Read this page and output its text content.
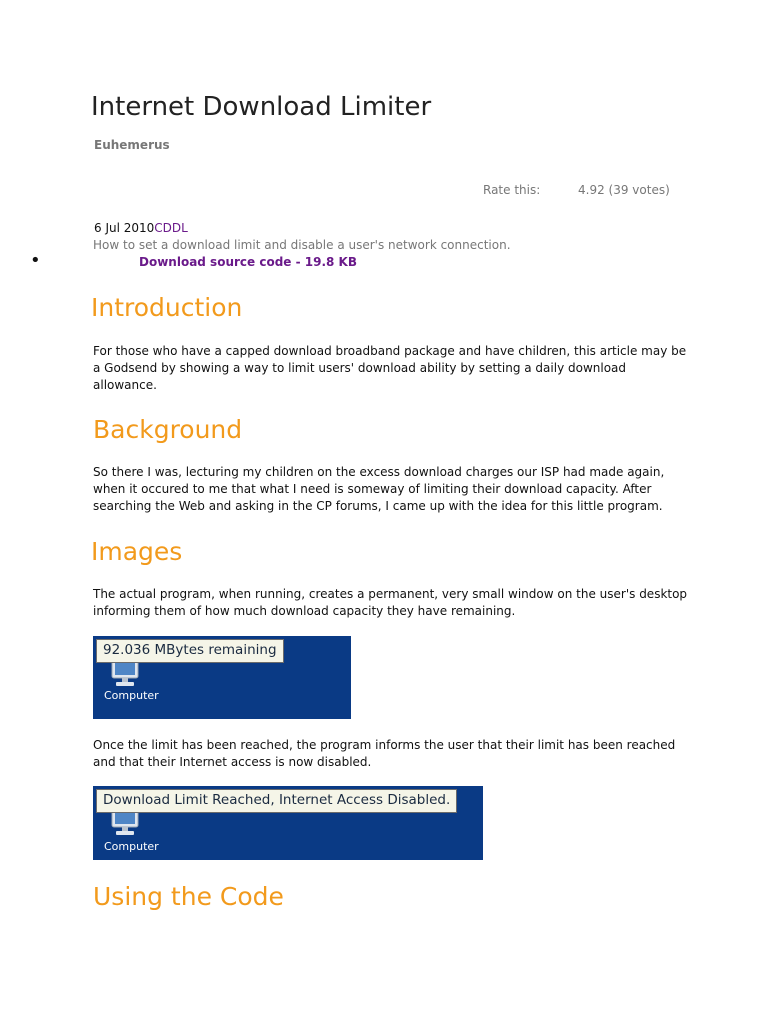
Internet Download Limiter
Euhemerus
Rate this:	4.92 (39 votes)
6 Jul 2010CDDL
How to set a download limit and disable a user's network connection.
•	Download source code - 19.8 KB
Introduction
For those who have a capped download broadband package and have children, this article may be a Godsend by showing a way to limit users' download ability by setting a daily download allowance.
Background
So there I was, lecturing my children on the excess download charges our ISP had made again, when it occured to me that what I need is someway of limiting their download capacity. After searching the Web and asking in the CP forums, I came up with the idea for this little program.
Images
The actual program, when running, creates a permanent, very small window on the user's desktop informing them of how much download capacity they have remaining.
Computer
92.036 MBytes remaining
Once the limit has been reached, the program informs the user that their limit has been reached and that their Internet access is now disabled.
Computer
Download Limit Reached, Internet Access Disabled.
Using the Code
